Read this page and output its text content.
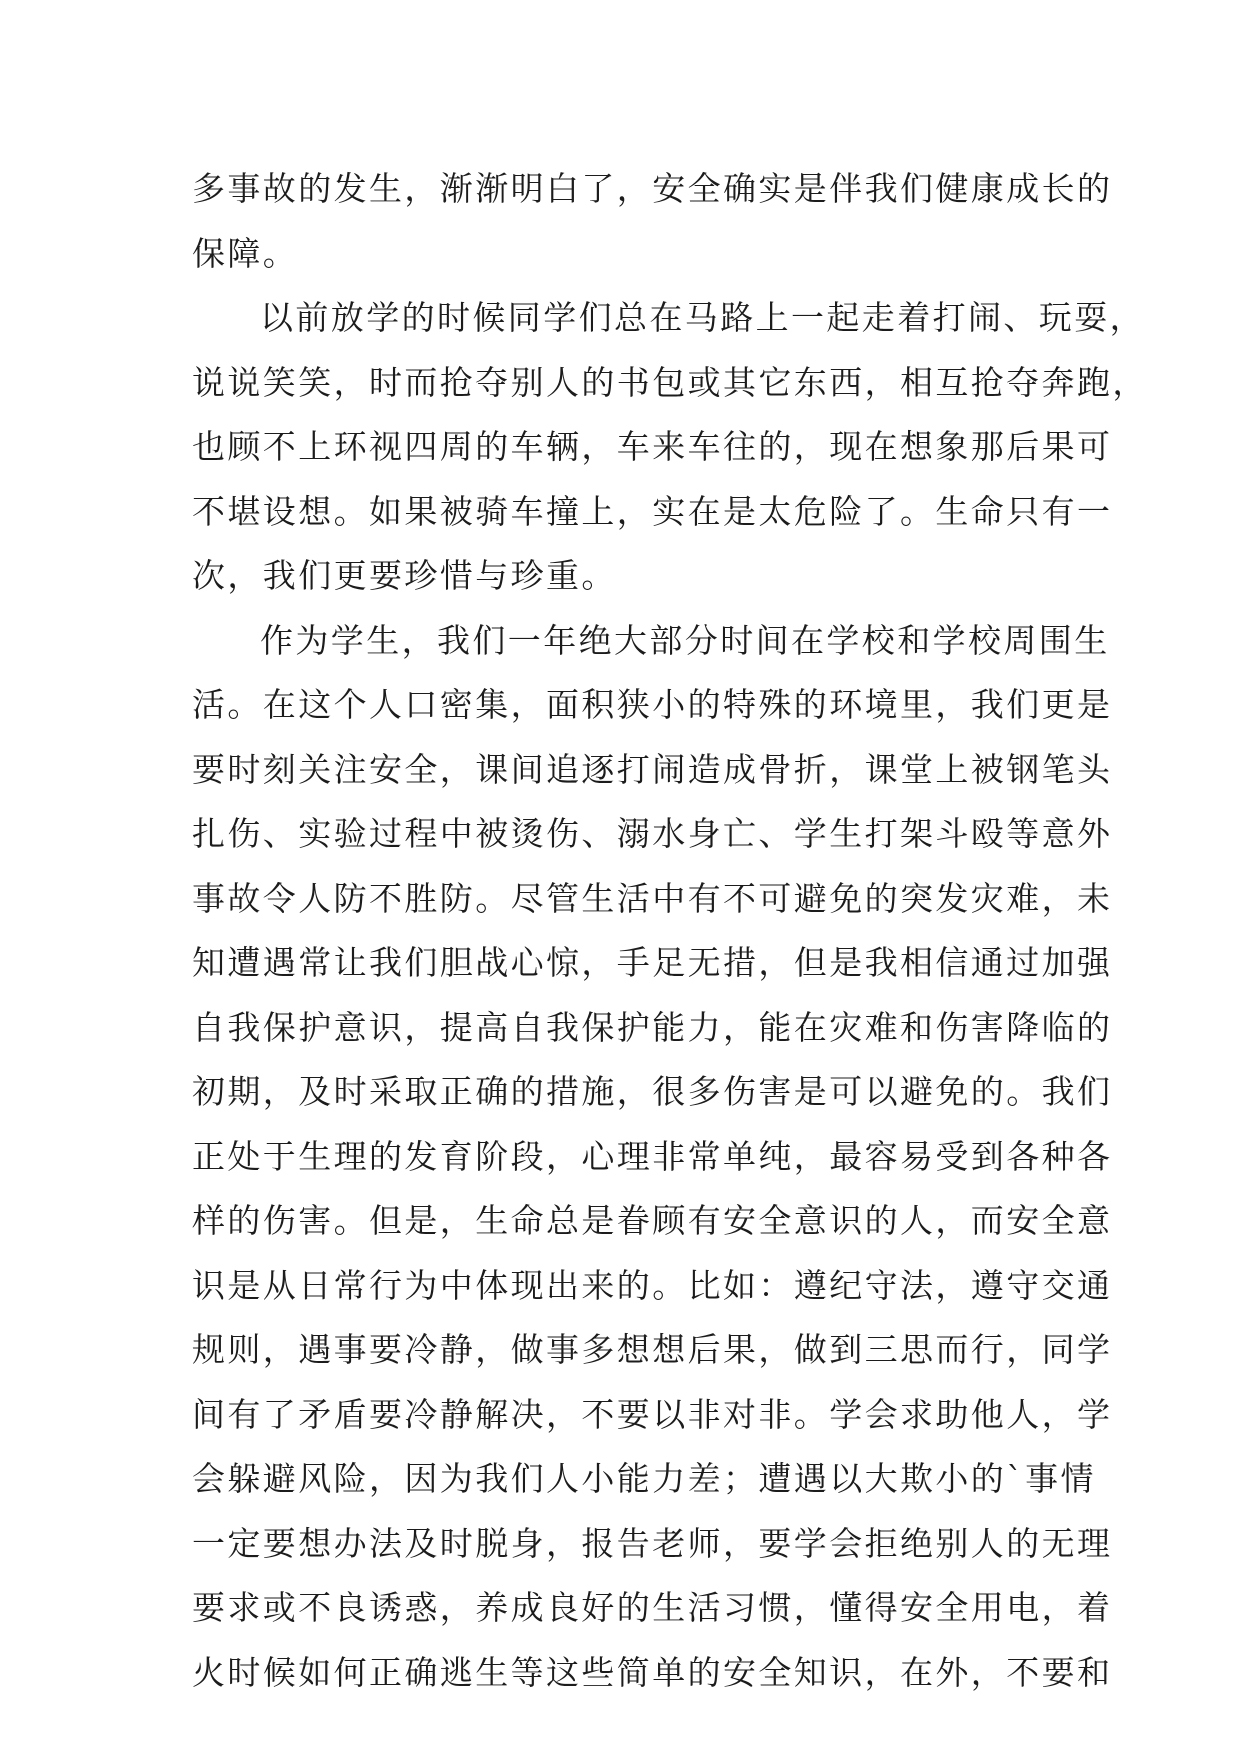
多事故的发生，渐渐明白了，安全确实是伴我们健康成长的
保障。
以前放学的时候同学们总在马路上一起走着打闹、玩耍，
说说笑笑，时而抢夺别人的书包或其它东西，相互抢夺奔跑，
也顾不上环视四周的车辆，车来车往的，现在想象那后果可
不堪设想。如果被骑车撞上，实在是太危险了。生命只有一
次，我们更要珍惜与珍重。
作为学生，我们一年绝大部分时间在学校和学校周围生
活。在这个人口密集，面积狭小的特殊的环境里，我们更是
要时刻关注安全，课间追逐打闹造成骨折，课堂上被钢笔头
扎伤、实验过程中被烫伤、溺水身亡、学生打架斗殴等意外
事故令人防不胜防。尽管生活中有不可避免的突发灾难，未
知遭遇常让我们胆战心惊，手足无措，但是我相信通过加强
自我保护意识，提高自我保护能力，能在灾难和伤害降临的
初期，及时采取正确的措施，很多伤害是可以避免的。我们
正处于生理的发育阶段，心理非常单纯，最容易受到各种各
样的伤害。但是，生命总是眷顾有安全意识的人，而安全意
识是从日常行为中体现出来的。比如：遵纪守法，遵守交通
规则，遇事要冷静，做事多想想后果，做到三思而行，同学
间有了矛盾要冷静解决，不要以非对非。学会求助他人，学
会躲避风险，因为我们人小能力差；遭遇以大欺小的`事情
一定要想办法及时脱身，报告老师，要学会拒绝别人的无理
要求或不良诱惑，养成良好的生活习惯，懂得安全用电，着
火时候如何正确逃生等这些简单的安全知识，在外，不要和
